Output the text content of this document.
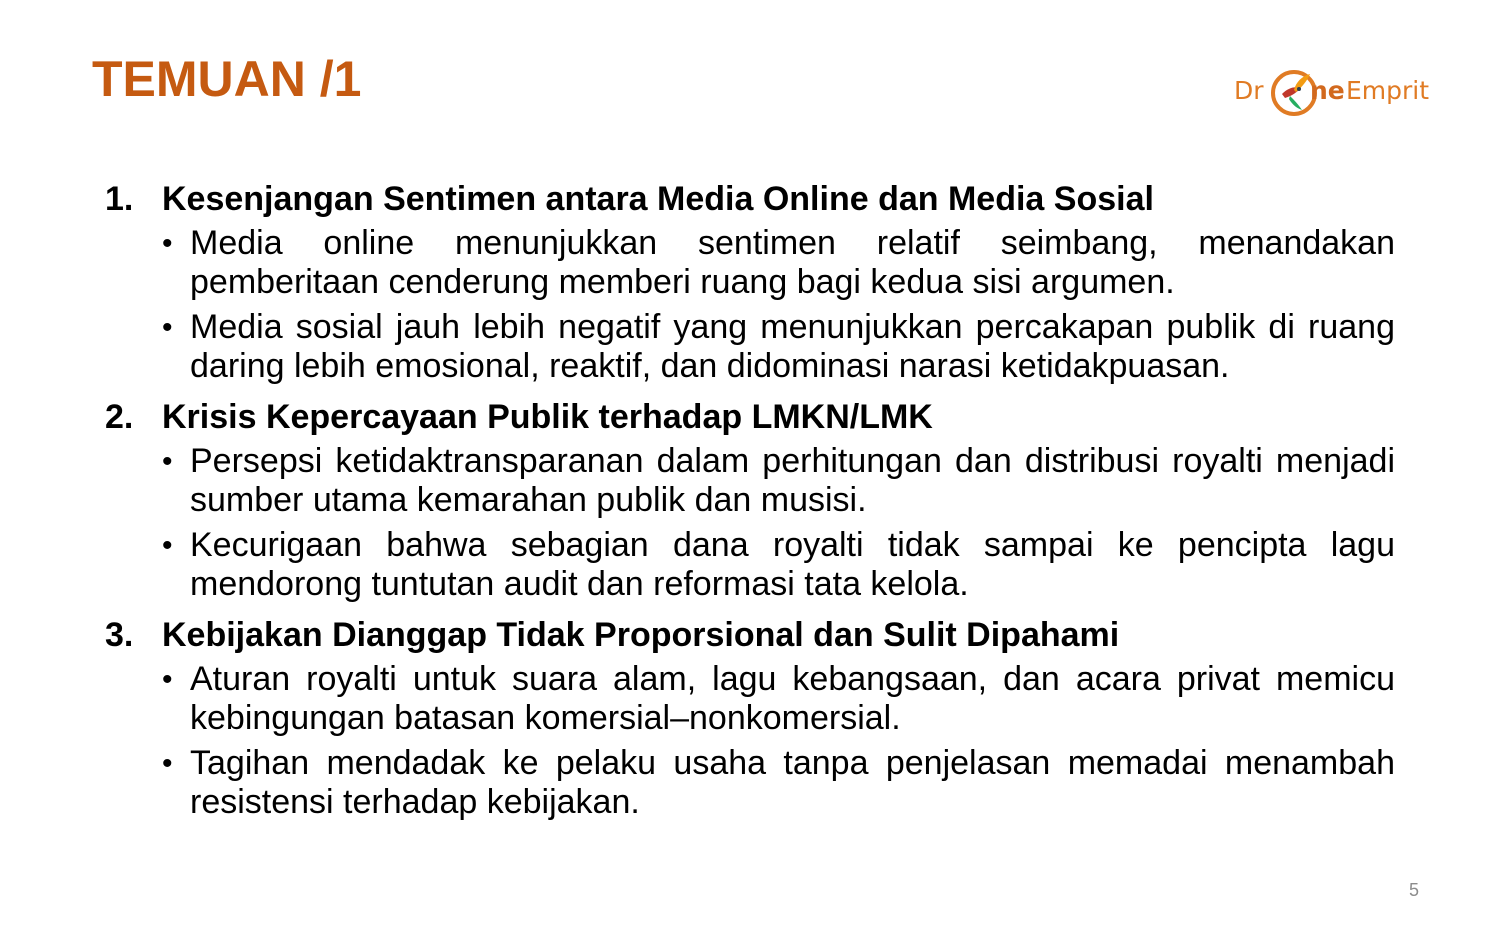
TEMUAN /1	Dr ne Emprit
1. Kesenjangan Sentimen antara Media Online dan Media Sosial
• Media online menunjukkan sentimen relatif seimbang, menandakan pemberitaan cenderung memberi ruang bagi kedua sisi argumen.
• Media sosial jauh lebih negatif yang menunjukkan percakapan publik di ruang daring lebih emosional, reaktif, dan didominasi narasi ketidakpuasan.
2. Krisis Kepercayaan Publik terhadap LMKN/LMK
• Persepsi ketidaktransparanan dalam perhitungan dan distribusi royalti menjadi sumber utama kemarahan publik dan musisi.
• Kecurigaan bahwa sebagian dana royalti tidak sampai ke pencipta lagu mendorong tuntutan audit dan reformasi tata kelola.
3. Kebijakan Dianggap Tidak Proporsional dan Sulit Dipahami
• Aturan royalti untuk suara alam, lagu kebangsaan, dan acara privat memicu kebingungan batasan komersial–nonkomersial.
• Tagihan mendadak ke pelaku usaha tanpa penjelasan memadai menambah resistensi terhadap kebijakan.
5
